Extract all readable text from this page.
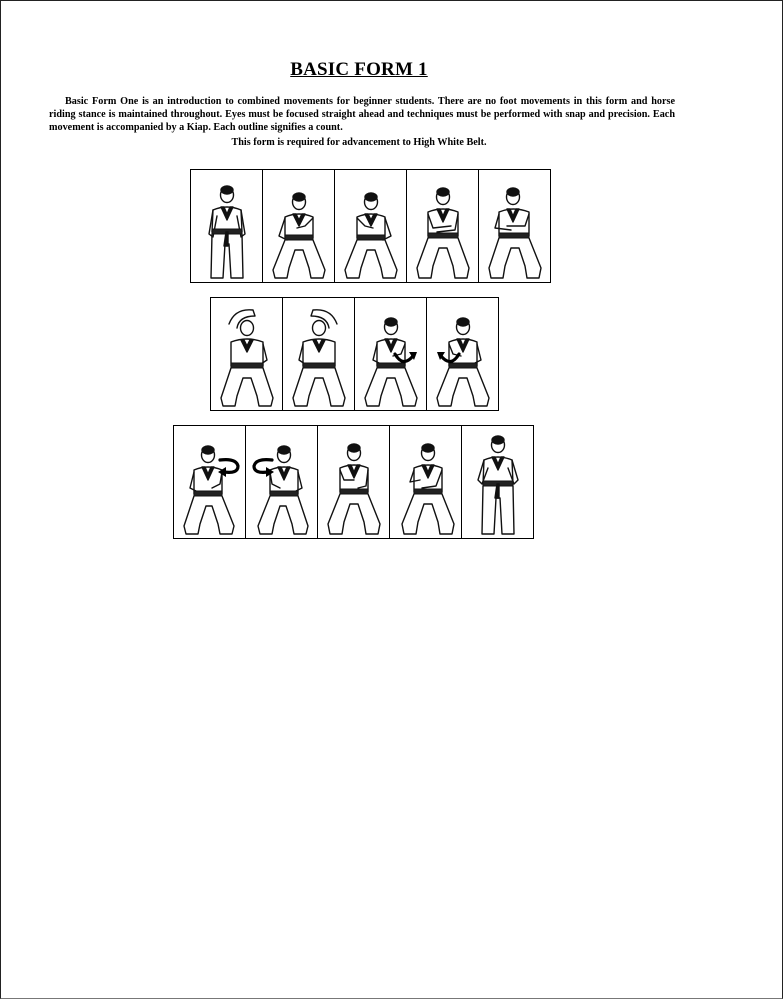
BASIC FORM 1
Basic Form One is an introduction to combined movements for beginner students. There are no foot movements in this form and horse riding stance is maintained throughout. Eyes must be focused straight ahead and techniques must be performed with snap and precision. Each movement is accompanied by a Kiap. Each outline signifies a count.
This form is required for advancement to High White Belt.
